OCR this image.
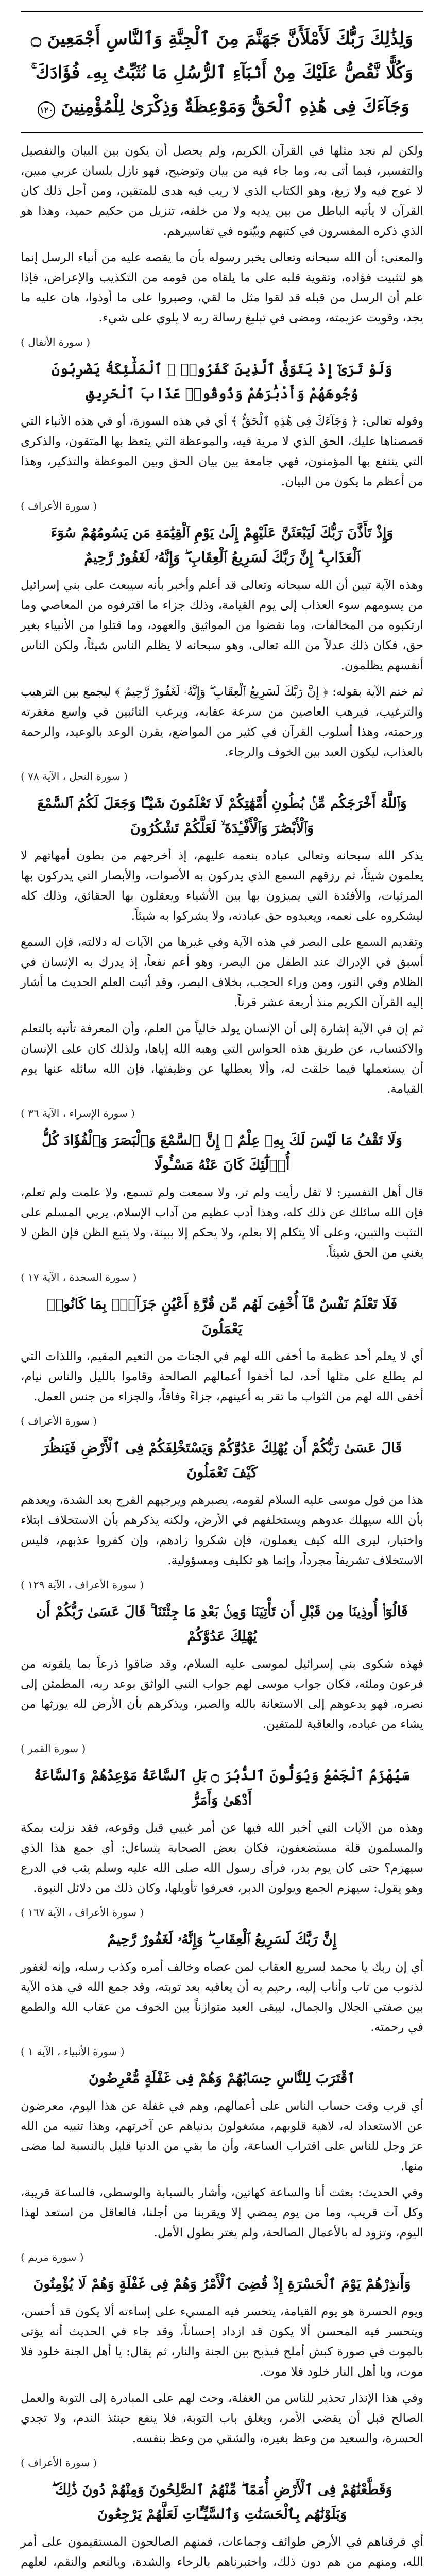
وَلِذَٰلِكَ رَبُّكَ لَأَمْلَأَنَّ جَهَنَّمَ مِنَ ٱلْجِنَّةِ وَٱلنَّاسِ أَجْمَعِينَ ۝ وَكُلًّا نَّقُصُّ عَلَيْكَ مِنْ أَنۢبَآءِ ٱلرُّسُلِ مَا نُثَبِّتُ بِهِۦ فُؤَادَكَ ۚ وَجَآءَكَ فِى هَٰذِهِ ٱلْحَقُّ وَمَوْعِظَةٌ وَذِكْرَىٰ لِلْمُؤْمِنِينَ ١٢٠
ولكن لم نجد مثلها في القرآن الكريم، ولم يحصل أن يكون بين البيان والتفصيل والتفسير، فيما أتى به، وما جاء فيه من بيان وتوضيح، فهو نازل بلسان عربي مبين، لا عوج فيه ولا زيغ، وهو الكتاب الذي لا ريب فيه هدى للمتقين، ومن أجل ذلك كان القرآن لا يأتيه الباطل من بين يديه ولا من خلفه، تنزيل من حكيم حميد، وهذا هو الذي ذكره المفسرون في كتبهم وبيّنوه في تفاسيرهم.
والمعنى: أن الله سبحانه وتعالى يخبر رسوله بأن ما يقصه عليه من أنباء الرسل إنما هو لتثبيت فؤاده، وتقوية قلبه على ما يلقاه من قومه من التكذيب والإعراض، فإذا علم أن الرسل من قبله قد لقوا مثل ما لقي، وصبروا على ما أوذوا، هان عليه ما يجد، وقويت عزيمته، ومضى في تبليغ رسالة ربه لا يلوي على شيء.
( سورة الأنفال )
وَلَوْ تَرَىٰٓ إِذْ يَتَوَفَّى ٱلَّذِينَ كَفَرُوا۟ ۙ ٱلْمَلَٰٓئِكَةُ يَضْرِبُونَ وُجُوهَهُمْ وَأَدْبَٰرَهُمْ وَذُوقُوا۟ عَذَابَ ٱلْحَرِيقِ
وقوله تعالى: ﴿ وَجَآءَكَ فِى هَٰذِهِ ٱلْحَقُّ ﴾ أي في هذه السورة، أو في هذه الأنباء التي قصصناها عليك، الحق الذي لا مرية فيه، والموعظة التي يتعظ بها المتقون، والذكرى التي ينتفع بها المؤمنون، فهي جامعة بين بيان الحق وبين الموعظة والتذكير، وهذا من أعظم ما يكون من البيان.
( سورة الأعراف )
وَإِذْ تَأَذَّنَ رَبُّكَ لَيَبْعَثَنَّ عَلَيْهِمْ إِلَىٰ يَوْمِ ٱلْقِيَٰمَةِ مَن يَسُومُهُمْ سُوٓءَ ٱلْعَذَابِ ۗ إِنَّ رَبَّكَ لَسَرِيعُ ٱلْعِقَابِ ۖ وَإِنَّهُۥ لَغَفُورٌ رَّحِيمٌ
وهذه الآية تبين أن الله سبحانه وتعالى قد أعلم وأخبر بأنه سيبعث على بني إسرائيل من يسومهم سوء العذاب إلى يوم القيامة، وذلك جزاء ما اقترفوه من المعاصي وما ارتكبوه من المخالفات، وما نقضوا من المواثيق والعهود، وما قتلوا من الأنبياء بغير حق، فكان ذلك عدلاً من الله تعالى، وهو سبحانه لا يظلم الناس شيئاً، ولكن الناس أنفسهم يظلمون.
ثم ختم الآية بقوله: ﴿ إِنَّ رَبَّكَ لَسَرِيعُ ٱلْعِقَابِ ۖ وَإِنَّهُۥ لَغَفُورٌ رَّحِيمٌ ﴾ ليجمع بين الترهيب والترغيب، فيرهب العاصين من سرعة عقابه، ويرغب التائبين في واسع مغفرته ورحمته، وهذا أسلوب القرآن في كثير من المواضع، يقرن الوعد بالوعيد، والرحمة بالعذاب، ليكون العبد بين الخوف والرجاء.
( سورة النحل ، الآية ٧٨ )
وَٱللَّهُ أَخْرَجَكُم مِّنۢ بُطُونِ أُمَّهَٰتِكُمْ لَا تَعْلَمُونَ شَيْـًٔا وَجَعَلَ لَكُمُ ٱلسَّمْعَ وَٱلْأَبْصَٰرَ وَٱلْأَفْـِٔدَةَ ۙ لَعَلَّكُمْ تَشْكُرُونَ
يذكر الله سبحانه وتعالى عباده بنعمه عليهم، إذ أخرجهم من بطون أمهاتهم لا يعلمون شيئاً، ثم رزقهم السمع الذي يدركون به الأصوات، والأبصار التي يدركون بها المرئيات، والأفئدة التي يميزون بها بين الأشياء ويعقلون بها الحقائق، وذلك كله ليشكروه على نعمه، ويعبدوه حق عبادته، ولا يشركوا به شيئاً.
وتقديم السمع على البصر في هذه الآية وفي غيرها من الآيات له دلالته، فإن السمع أسبق في الإدراك عند الطفل من البصر، وهو أعم نفعاً، إذ يدرك به الإنسان في الظلام وفي النور، ومن وراء الحجب، بخلاف البصر، وقد أثبت العلم الحديث ما أشار إليه القرآن الكريم منذ أربعة عشر قرناً.
ثم إن في الآية إشارة إلى أن الإنسان يولد خالياً من العلم، وأن المعرفة تأتيه بالتعلم والاكتساب، عن طريق هذه الحواس التي وهبه الله إياها، ولذلك كان على الإنسان أن يستعملها فيما خلقت له، وألا يعطلها عن وظيفتها، فإن الله سائله عنها يوم القيامة.
( سورة الإسراء ، الآية ٣٦ )
وَلَا تَقْفُ مَا لَيْسَ لَكَ بِهِۦ عِلْمٌ ۚ إِنَّ ٱلسَّمْعَ وَٱلْبَصَرَ وَٱلْفُؤَادَ كُلُّ أُو۟لَٰٓئِكَ كَانَ عَنْهُ مَسْـُٔولًا
قال أهل التفسير: لا تقل رأيت ولم تر، ولا سمعت ولم تسمع، ولا علمت ولم تعلم، فإن الله سائلك عن ذلك كله، وهذا أدب عظيم من آداب الإسلام، يربي المسلم على التثبت والتبين، وعلى ألا يتكلم إلا بعلم، ولا يحكم إلا ببينة، ولا يتبع الظن فإن الظن لا يغني من الحق شيئاً.
( سورة السجدة ، الآية ١٧ )
فَلَا تَعْلَمُ نَفْسٌ مَّآ أُخْفِىَ لَهُم مِّن قُرَّةِ أَعْيُنٍ جَزَآءًۢ بِمَا كَانُوا۟ يَعْمَلُونَ
أي لا يعلم أحد عظمة ما أخفى الله لهم في الجنات من النعيم المقيم، واللذات التي لم يطلع على مثلها أحد، لما أخفوا أعمالهم الصالحة وقاموا بالليل والناس نيام، أخفى الله لهم من الثواب ما تقر به أعينهم، جزاءً وفاقاً، والجزاء من جنس العمل.
( سورة الأعراف )
قَالَ عَسَىٰ رَبُّكُمْ أَن يُهْلِكَ عَدُوَّكُمْ وَيَسْتَخْلِفَكُمْ فِى ٱلْأَرْضِ فَيَنظُرَ كَيْفَ تَعْمَلُونَ
هذا من قول موسى عليه السلام لقومه، يصبرهم ويرجيهم الفرج بعد الشدة، ويعدهم بأن الله سيهلك عدوهم ويستخلفهم في الأرض، ولكنه يذكرهم بأن الاستخلاف ابتلاء واختبار، ليرى الله كيف يعملون، فإن شكروا زادهم، وإن كفروا عذبهم، فليس الاستخلاف تشريفاً مجرداً، وإنما هو تكليف ومسؤولية.
( سورة الأعراف ، الآية ١٢٩ )
قَالُوٓا۟ أُوذِينَا مِن قَبْلِ أَن تَأْتِيَنَا وَمِنۢ بَعْدِ مَا جِئْتَنَا ۚ قَالَ عَسَىٰ رَبُّكُمْ أَن يُهْلِكَ عَدُوَّكُمْ
فهذه شكوى بني إسرائيل لموسى عليه السلام، وقد ضاقوا ذرعاً بما يلقونه من فرعون وملئه، فكان جواب موسى لهم جواب النبي الواثق بوعد ربه، المطمئن إلى نصره، فهو يدعوهم إلى الاستعانة بالله والصبر، ويذكرهم بأن الأرض لله يورثها من يشاء من عباده، والعاقبة للمتقين.
( سورة القمر )
سَيُهْزَمُ ٱلْجَمْعُ وَيُوَلُّونَ ٱلدُّبُرَ ۝ بَلِ ٱلسَّاعَةُ مَوْعِدُهُمْ وَٱلسَّاعَةُ أَدْهَىٰ وَأَمَرُّ
وهذه من الآيات التي أخبر الله فيها عن أمر غيبي قبل وقوعه، فقد نزلت بمكة والمسلمون قلة مستضعفون، فكان بعض الصحابة يتساءل: أي جمع هذا الذي سيهزم؟ حتى كان يوم بدر، فرأى رسول الله صلى الله عليه وسلم يثب في الدرع وهو يقول: سيهزم الجمع ويولون الدبر، فعرفوا تأويلها، وكان ذلك من دلائل النبوة.
( سورة الأعراف ، الآية ١٦٧ )
إِنَّ رَبَّكَ لَسَرِيعُ ٱلْعِقَابِ ۖ وَإِنَّهُۥ لَغَفُورٌ رَّحِيمٌ
أي إن ربك يا محمد لسريع العقاب لمن عصاه وخالف أمره وكذب رسله، وإنه لغفور لذنوب من تاب وأناب إليه، رحيم به أن يعاقبه بعد توبته، وقد جمع الله في هذه الآية بين صفتي الجلال والجمال، ليبقى العبد متوازناً بين الخوف من عقاب الله والطمع في رحمته.
( سورة الأنبياء ، الآية ١ )
ٱقْتَرَبَ لِلنَّاسِ حِسَابُهُمْ وَهُمْ فِى غَفْلَةٍ مُّعْرِضُونَ
أي قرب وقت حساب الناس على أعمالهم، وهم في غفلة عن هذا اليوم، معرضون عن الاستعداد له، لاهية قلوبهم، مشغولون بدنياهم عن آخرتهم، وهذا تنبيه من الله عز وجل للناس على اقتراب الساعة، وأن ما بقي من الدنيا قليل بالنسبة لما مضى منها.
وفي الحديث: بعثت أنا والساعة كهاتين، وأشار بالسبابة والوسطى، فالساعة قريبة، وكل آت قريب، وما من يوم يمضي إلا ويقربنا من أجلنا، فالعاقل من استعد لهذا اليوم، وتزود له بالأعمال الصالحة، ولم يغتر بطول الأمل.
( سورة مريم )
وَأَنذِرْهُمْ يَوْمَ ٱلْحَسْرَةِ إِذْ قُضِىَ ٱلْأَمْرُ وَهُمْ فِى غَفْلَةٍ وَهُمْ لَا يُؤْمِنُونَ
ويوم الحسرة هو يوم القيامة، يتحسر فيه المسيء على إساءته ألا يكون قد أحسن، ويتحسر فيه المحسن ألا يكون قد ازداد إحساناً، وقد جاء في الحديث أنه يؤتى بالموت في صورة كبش أملح فيذبح بين الجنة والنار، ثم يقال: يا أهل الجنة خلود فلا موت، ويا أهل النار خلود فلا موت.
وفي هذا الإنذار تحذير للناس من الغفلة، وحث لهم على المبادرة إلى التوبة والعمل الصالح قبل أن يقضى الأمر، ويغلق باب التوبة، فلا ينفع حينئذ الندم، ولا تجدي الحسرة، والسعيد من وعظ بغيره، والشقي من وعظ بنفسه.
( سورة الأعراف )
وَقَطَّعْنَٰهُمْ فِى ٱلْأَرْضِ أُمَمًا ۖ مِّنْهُمُ ٱلصَّٰلِحُونَ وَمِنْهُمْ دُونَ ذَٰلِكَ ۖ وَبَلَوْنَٰهُم بِٱلْحَسَنَٰتِ وَٱلسَّيِّـَٔاتِ لَعَلَّهُمْ يَرْجِعُونَ
أي فرقناهم في الأرض طوائف وجماعات، فمنهم الصالحون المستقيمون على أمر الله، ومنهم من هم دون ذلك، واختبرناهم بالرخاء والشدة، وبالنعم والنقم، لعلهم
